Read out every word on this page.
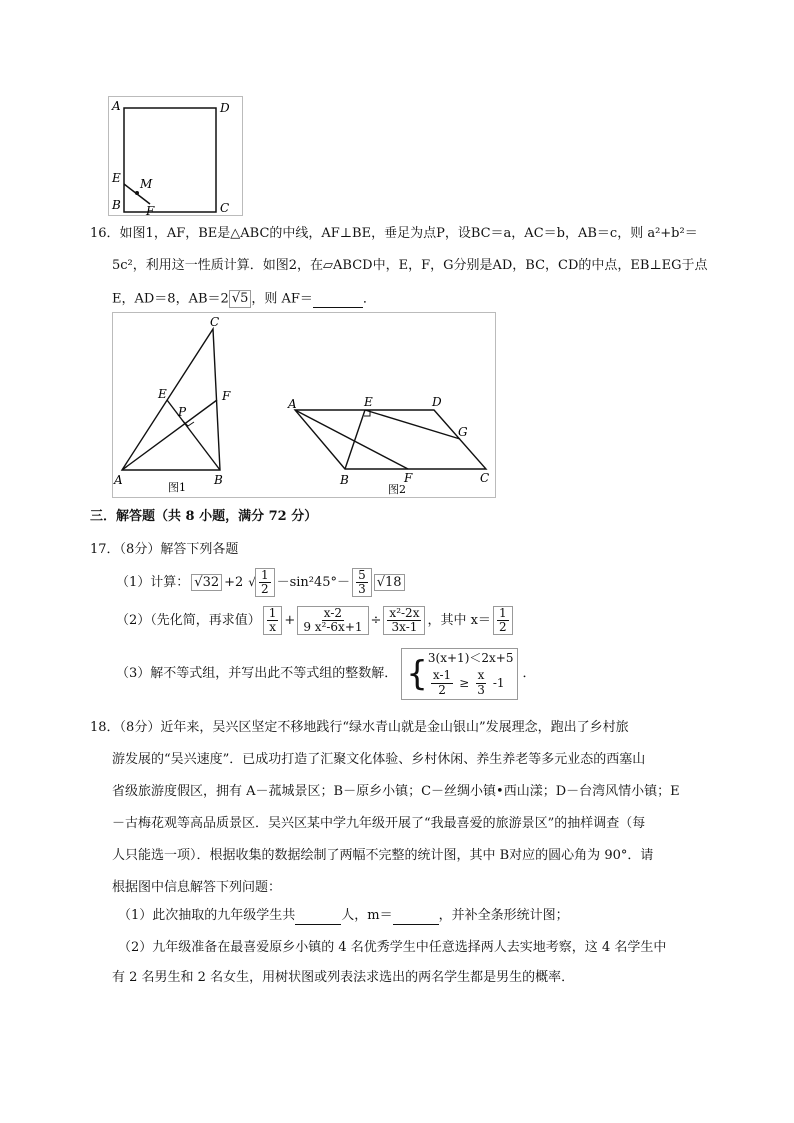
A	D
E M
B F	C
16．如图1，AF，BE是△ABC的中线，AF⊥BE，垂足为点P，设BC＝a，AC＝b，AB＝c，则 a²+b²＝
5c²，利用这一性质计算．如图2，在▱ABCD中，E，F，G分别是AD，BC，CD的中点，EB⊥EG于点
E，AD＝8，AB＝2 √5 ，则 AF＝	．
C
E	F
P
A	B
图1
A	E	D
G
B	F	C
图2
三．解答题（共 8 小题，满分 72 分）
17．（8分）解答下列各题
（1）计算： √32 +2 √ $\frac{1}{2} -\sin^245^\circ- \frac{5}{3} √18$
（2）（先化简，再求值） $\frac{1}{x} + \frac{x-2}{\text{9 x²-6x+1}} \div \frac{\text{x²-2x}}{3x-1}$ ，其中 $x= \frac{1}{2}$
（3）解不等式组，并写出此不等式组的整数解． { 3(x+1)＜2x+5
$\frac{x-1}{2} \ge \frac{x}{3} -1$
．
18．（8分）近年来，吴兴区坚定不移地践行“绿水青山就是金山银山”发展理念，跑出了乡村旅
游发展的“吴兴速度”．已成功打造了汇聚文化体验、乡村休闲、养生养老等多元业态的西塞山
省级旅游度假区，拥有 A－菰城景区；B－原乡小镇；C－丝绸小镇•西山漾；D－台湾风情小镇；E
－古梅花观等高品质景区．吴兴区某中学九年级开展了“我最喜爱的旅游景区”的抽样调查（每
人只能选一项）．根据收集的数据绘制了两幅不完整的统计图，其中 B对应的圆心角为 90°．请
根据图中信息解答下列问题：
（1）此次抽取的九年级学生共	人，m＝	，并补全条形统计图；
（2）九年级准备在最喜爱原乡小镇的 4 名优秀学生中任意选择两人去实地考察，这 4 名学生中
有 2 名男生和 2 名女生，用树状图或列表法求选出的两名学生都是男生的概率．
